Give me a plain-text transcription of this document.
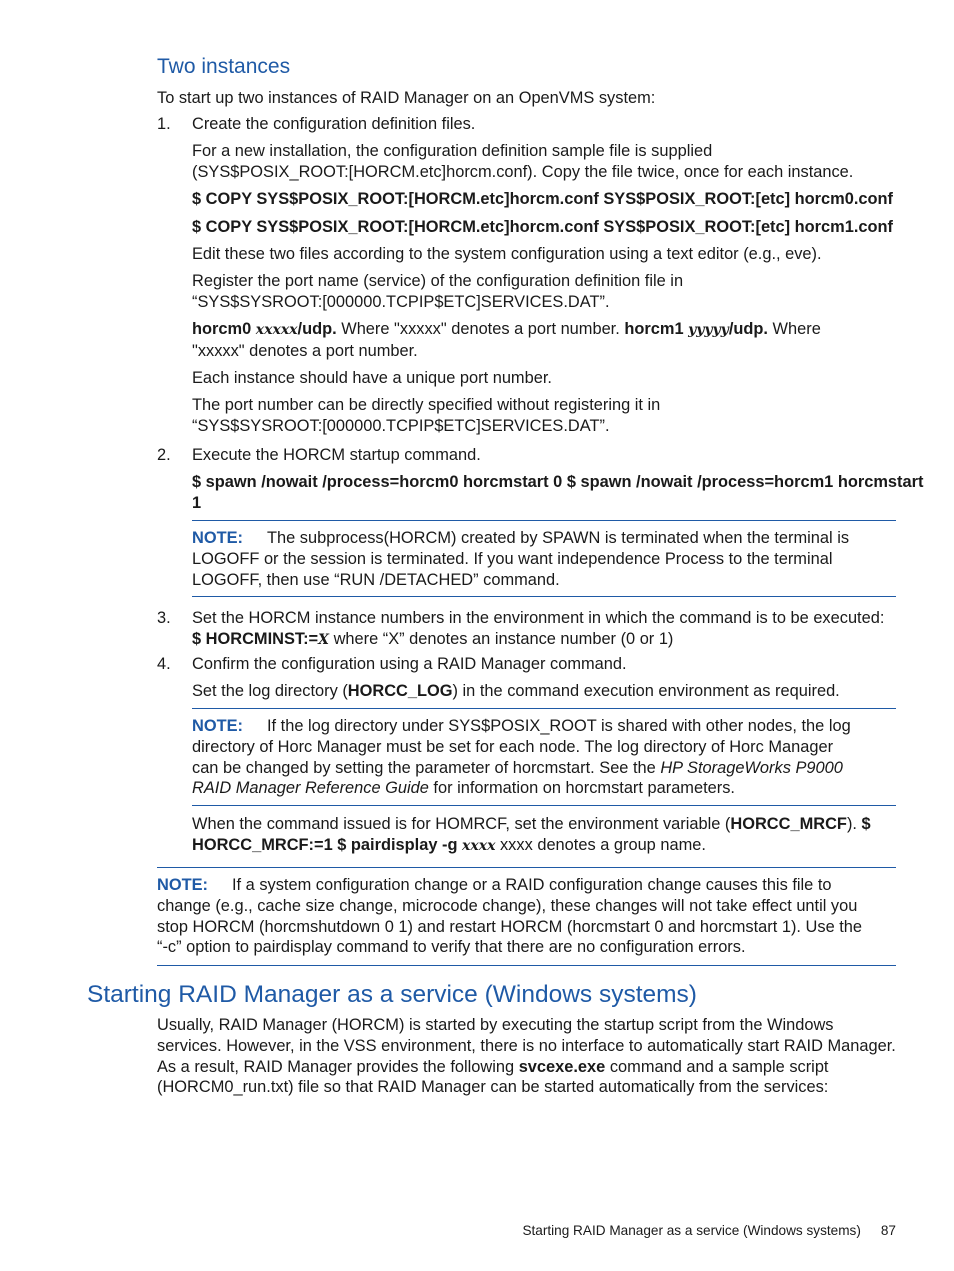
Two instances
To start up two instances of RAID Manager on an OpenVMS system:
1. Create the configuration definition files.
For a new installation, the configuration definition sample file is supplied
(SYS$POSIX_ROOT:[HORCM.etc]horcm.conf). Copy the file twice, once for each instance.
$ COPY SYS$POSIX_ROOT:[HORCM.etc]horcm.conf SYS$POSIX_ROOT:[etc] horcm0.conf
$ COPY SYS$POSIX_ROOT:[HORCM.etc]horcm.conf SYS$POSIX_ROOT:[etc] horcm1.conf
Edit these two files according to the system configuration using a text editor (e.g., eve).
Register the port name (service) of the configuration definition file in
“SYS$SYSROOT:[000000.TCPIP$ETC]SERVICES.DAT”.
horcm0 xxxxx/udp. Where "xxxxx" denotes a port number. horcm1 yyyyy/udp. Where
"xxxxx" denotes a port number.
Each instance should have a unique port number.
The port number can be directly specified without registering it in
“SYS$SYSROOT:[000000.TCPIP$ETC]SERVICES.DAT”.
2. Execute the HORCM startup command.
$ spawn /nowait /process=horcm0 horcmstart 0 $ spawn /nowait /process=horcm1 horcmstart
1
NOTE: The subprocess(HORCM) created by SPAWN is terminated when the terminal is
LOGOFF or the session is terminated. If you want independence Process to the terminal
LOGOFF, then use “RUN /DETACHED” command.
3. Set the HORCM instance numbers in the environment in which the command is to be executed:
$ HORCMINST:=X where “X” denotes an instance number (0 or 1)
4. Confirm the configuration using a RAID Manager command.
Set the log directory (HORCC_LOG) in the command execution environment as required.
NOTE: If the log directory under SYS$POSIX_ROOT is shared with other nodes, the log
directory of Horc Manager must be set for each node. The log directory of Horc Manager
can be changed by setting the parameter of horcmstart. See the HP StorageWorks P9000
RAID Manager Reference Guide for information on horcmstart parameters.
When the command issued is for HOMRCF, set the environment variable (HORCC_MRCF). $
HORCC_MRCF:=1 $ pairdisplay -g xxxx xxxx denotes a group name.
NOTE: If a system configuration change or a RAID configuration change causes this file to
change (e.g., cache size change, microcode change), these changes will not take effect until you
stop HORCM (horcmshutdown 0 1) and restart HORCM (horcmstart 0 and horcmstart 1). Use the
“-c” option to pairdisplay command to verify that there are no configuration errors.
Starting RAID Manager as a service (Windows systems)
Usually, RAID Manager (HORCM) is started by executing the startup script from the Windows
services. However, in the VSS environment, there is no interface to automatically start RAID Manager.
As a result, RAID Manager provides the following svcexe.exe command and a sample script
(HORCM0_run.txt) file so that RAID Manager can be started automatically from the services:
Starting RAID Manager as a service (Windows systems) 87
